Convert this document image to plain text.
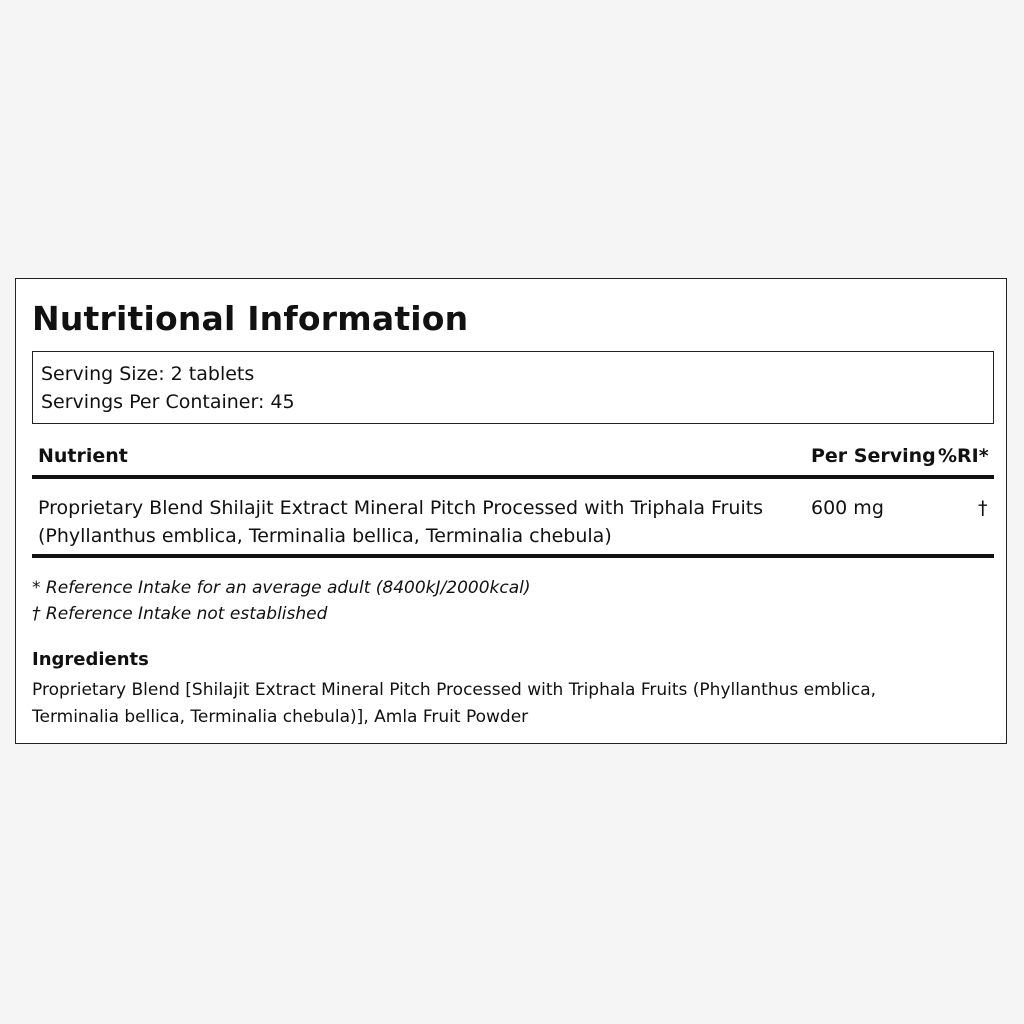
Nutritional Information
Serving Size: 2 tablets
Servings Per Container: 45
Nutrient	Per Serving %RI*
Proprietary Blend Shilajit Extract Mineral Pitch Processed with Triphala Fruits (Phyllanthus emblica, Terminalia bellica, Terminalia chebula)
600 mg	†
* Reference Intake for an average adult (8400kJ/2000kcal)
† Reference Intake not established
Ingredients
Proprietary Blend [Shilajit Extract Mineral Pitch Processed with Triphala Fruits (Phyllanthus emblica, Terminalia bellica, Terminalia chebula)], Amla Fruit Powder
